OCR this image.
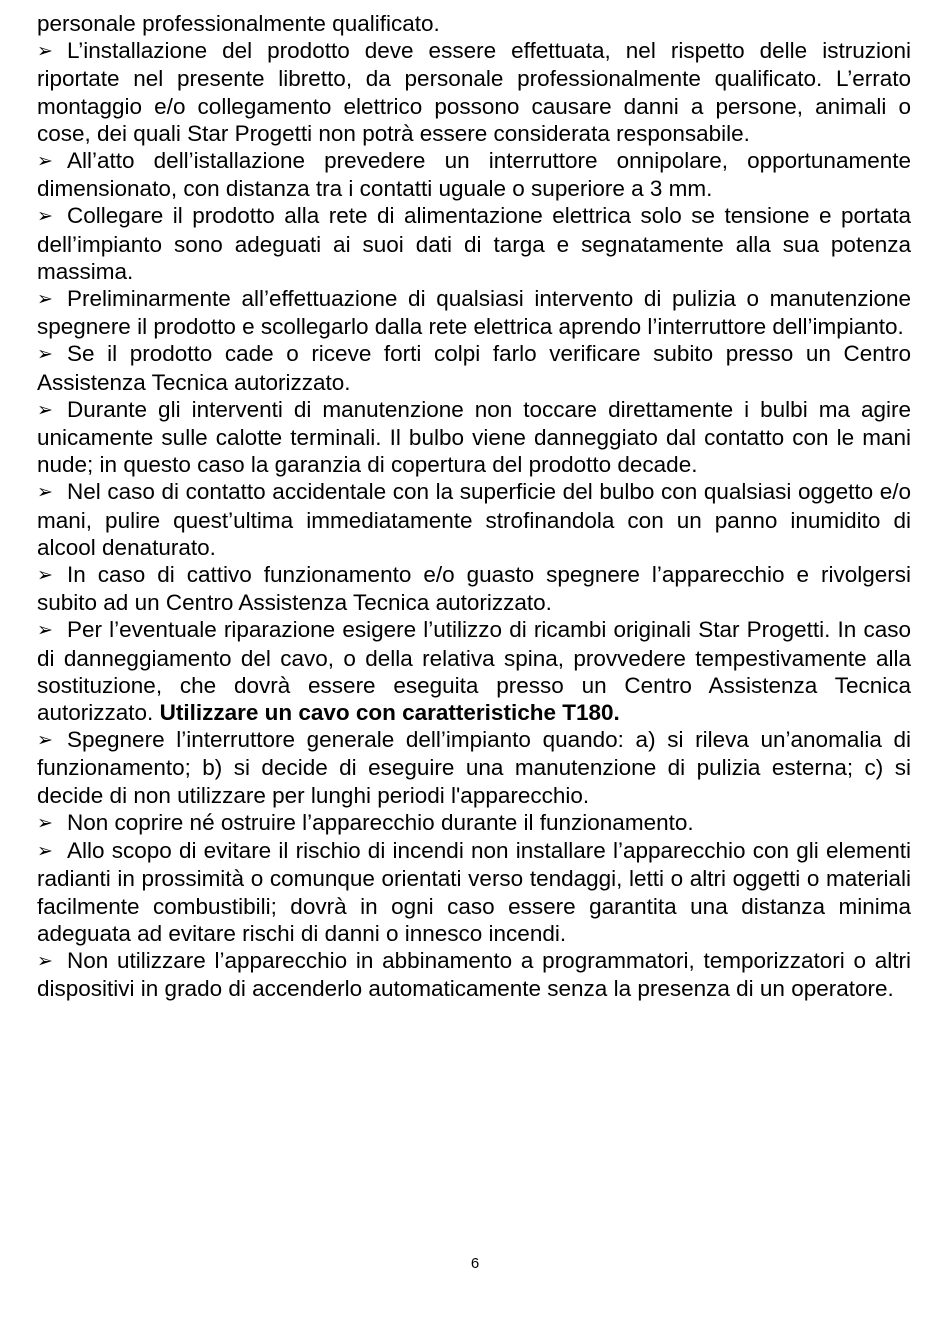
personale professionalmente qualificato.

➢ L’installazione del prodotto deve essere effettuata, nel rispetto delle istruzioni riportate nel presente libretto, da personale professionalmente qualificato. L’errato montaggio e/o collegamento elettrico possono causare danni a persone, animali o cose, dei quali Star Progetti non potrà essere considerata responsabile.

➢ All’atto dell’istallazione prevedere un interruttore onnipolare, opportunamente dimensionato, con distanza tra i contatti uguale o superiore a 3 mm.

➢ Collegare il prodotto alla rete di alimentazione elettrica solo se tensione e portata dell’impianto sono adeguati ai suoi dati di targa e segnatamente alla sua potenza massima.

➢ Preliminarmente all’effettuazione di qualsiasi intervento di pulizia o manutenzione spegnere il prodotto e scollegarlo dalla rete elettrica aprendo l’interruttore dell’impianto.

➢ Se il prodotto cade o riceve forti colpi farlo verificare subito presso un Centro Assistenza Tecnica autorizzato.

➢ Durante gli interventi di manutenzione non toccare direttamente i bulbi ma agire unicamente sulle calotte terminali. Il bulbo viene danneggiato dal contatto con le mani nude; in questo caso la garanzia di copertura del prodotto decade.

➢ Nel caso di contatto accidentale con la superficie del bulbo con qualsiasi oggetto e/o mani, pulire quest’ultima immediatamente strofinandola con un panno inumidito di alcool denaturato.

➢ In caso di cattivo funzionamento e/o guasto spegnere l’apparecchio e rivolgersi subito ad un Centro Assistenza Tecnica autorizzato.

➢ Per l’eventuale riparazione esigere l’utilizzo di ricambi originali Star Progetti. In caso di danneggiamento del cavo, o della relativa spina, provvedere tempestivamente alla sostituzione, che dovrà essere eseguita presso un Centro Assistenza Tecnica autorizzato. Utilizzare un cavo con caratteristiche T180.

➢ Spegnere l’interruttore generale dell’impianto quando: a) si rileva un’anomalia di funzionamento; b) si decide di eseguire una manutenzione di pulizia esterna; c) si decide di non utilizzare per lunghi periodi l'apparecchio.

➢ Non coprire né ostruire l’apparecchio durante il funzionamento.

➢ Allo scopo di evitare il rischio di incendi non installare l’apparecchio con gli elementi radianti in prossimità o comunque orientati verso tendaggi, letti o altri oggetti o materiali facilmente combustibili; dovrà in ogni caso essere garantita una distanza minima adeguata ad evitare rischi di danni o innesco incendi.

➢ Non utilizzare l’apparecchio in abbinamento a programmatori, temporizzatori o altri dispositivi in grado di accenderlo automaticamente senza la presenza di un operatore.

6
